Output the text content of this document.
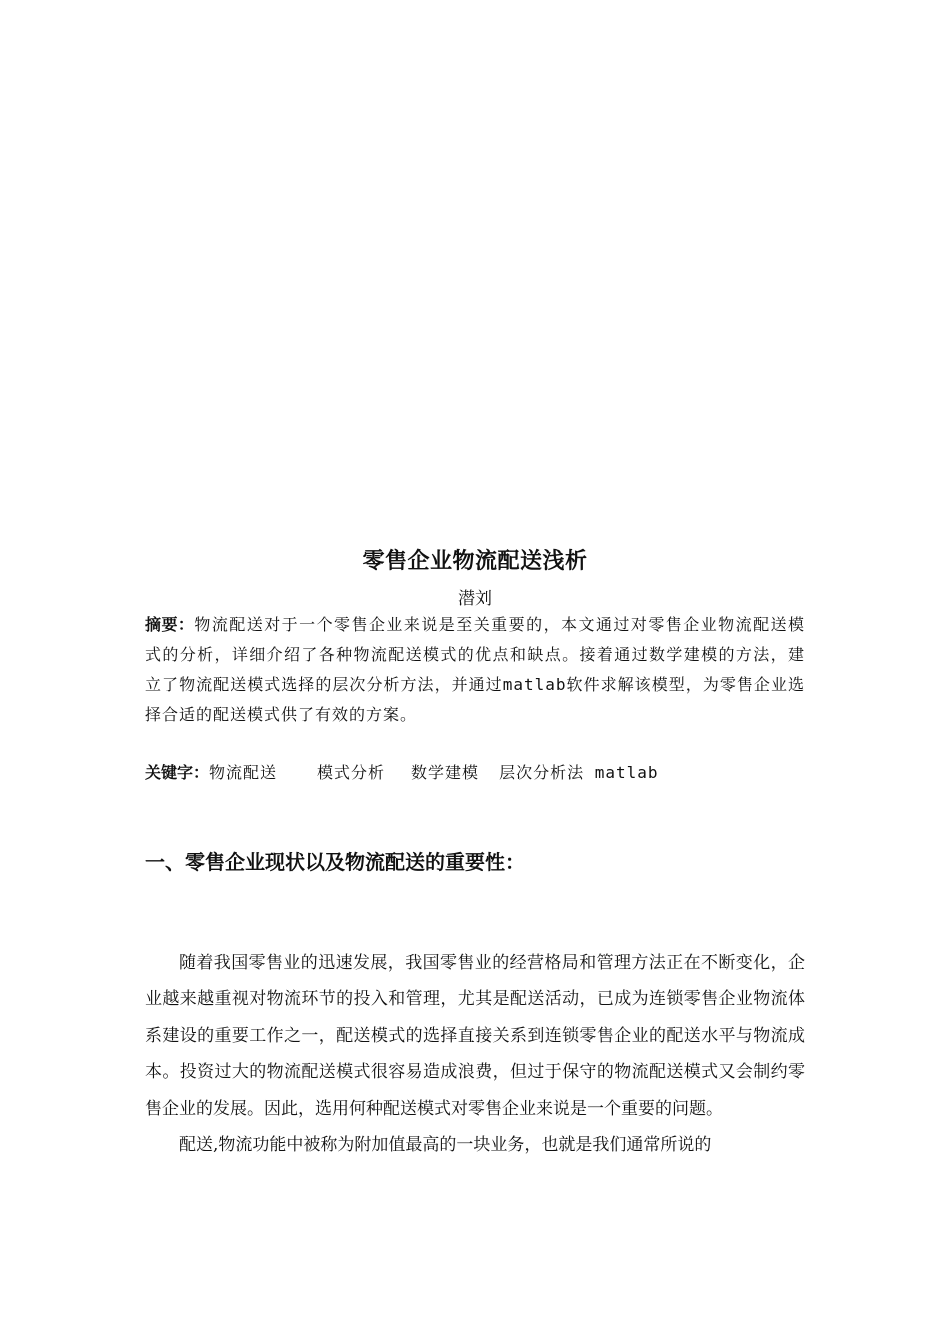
零售企业物流配送浅析
潜刘
摘要：物流配送对于一个零售企业来说是至关重要的，本文通过对零售企业物流配送模式的分析，详细介绍了各种物流配送模式的优点和缺点。接着通过数学建模的方法，建立了物流配送模式选择的层次分析方法，并通过matlab软件求解该模型，为零售企业选择合适的配送模式供了有效的方案。
关键字：物流配送	模式分析 数学建模 层次分析法 matlab
一、零售企业现状以及物流配送的重要性：

随着我国零售业的迅速发展，我国零售业的经营格局和管理方法正在不断变化，企业越来越重视对物流环节的投入和管理，尤其是配送活动，已成为连锁零售企业物流体系建设的重要工作之一，配送模式的选择直接关系到连锁零售企业的配送水平与物流成本。投资过大的物流配送模式很容易造成浪费，但过于保守的物流配送模式又会制约零售企业的发展。因此，选用何种配送模式对零售企业来说是一个重要的问题。

配送,物流功能中被称为附加值最高的一块业务，也就是我们通常所说的
